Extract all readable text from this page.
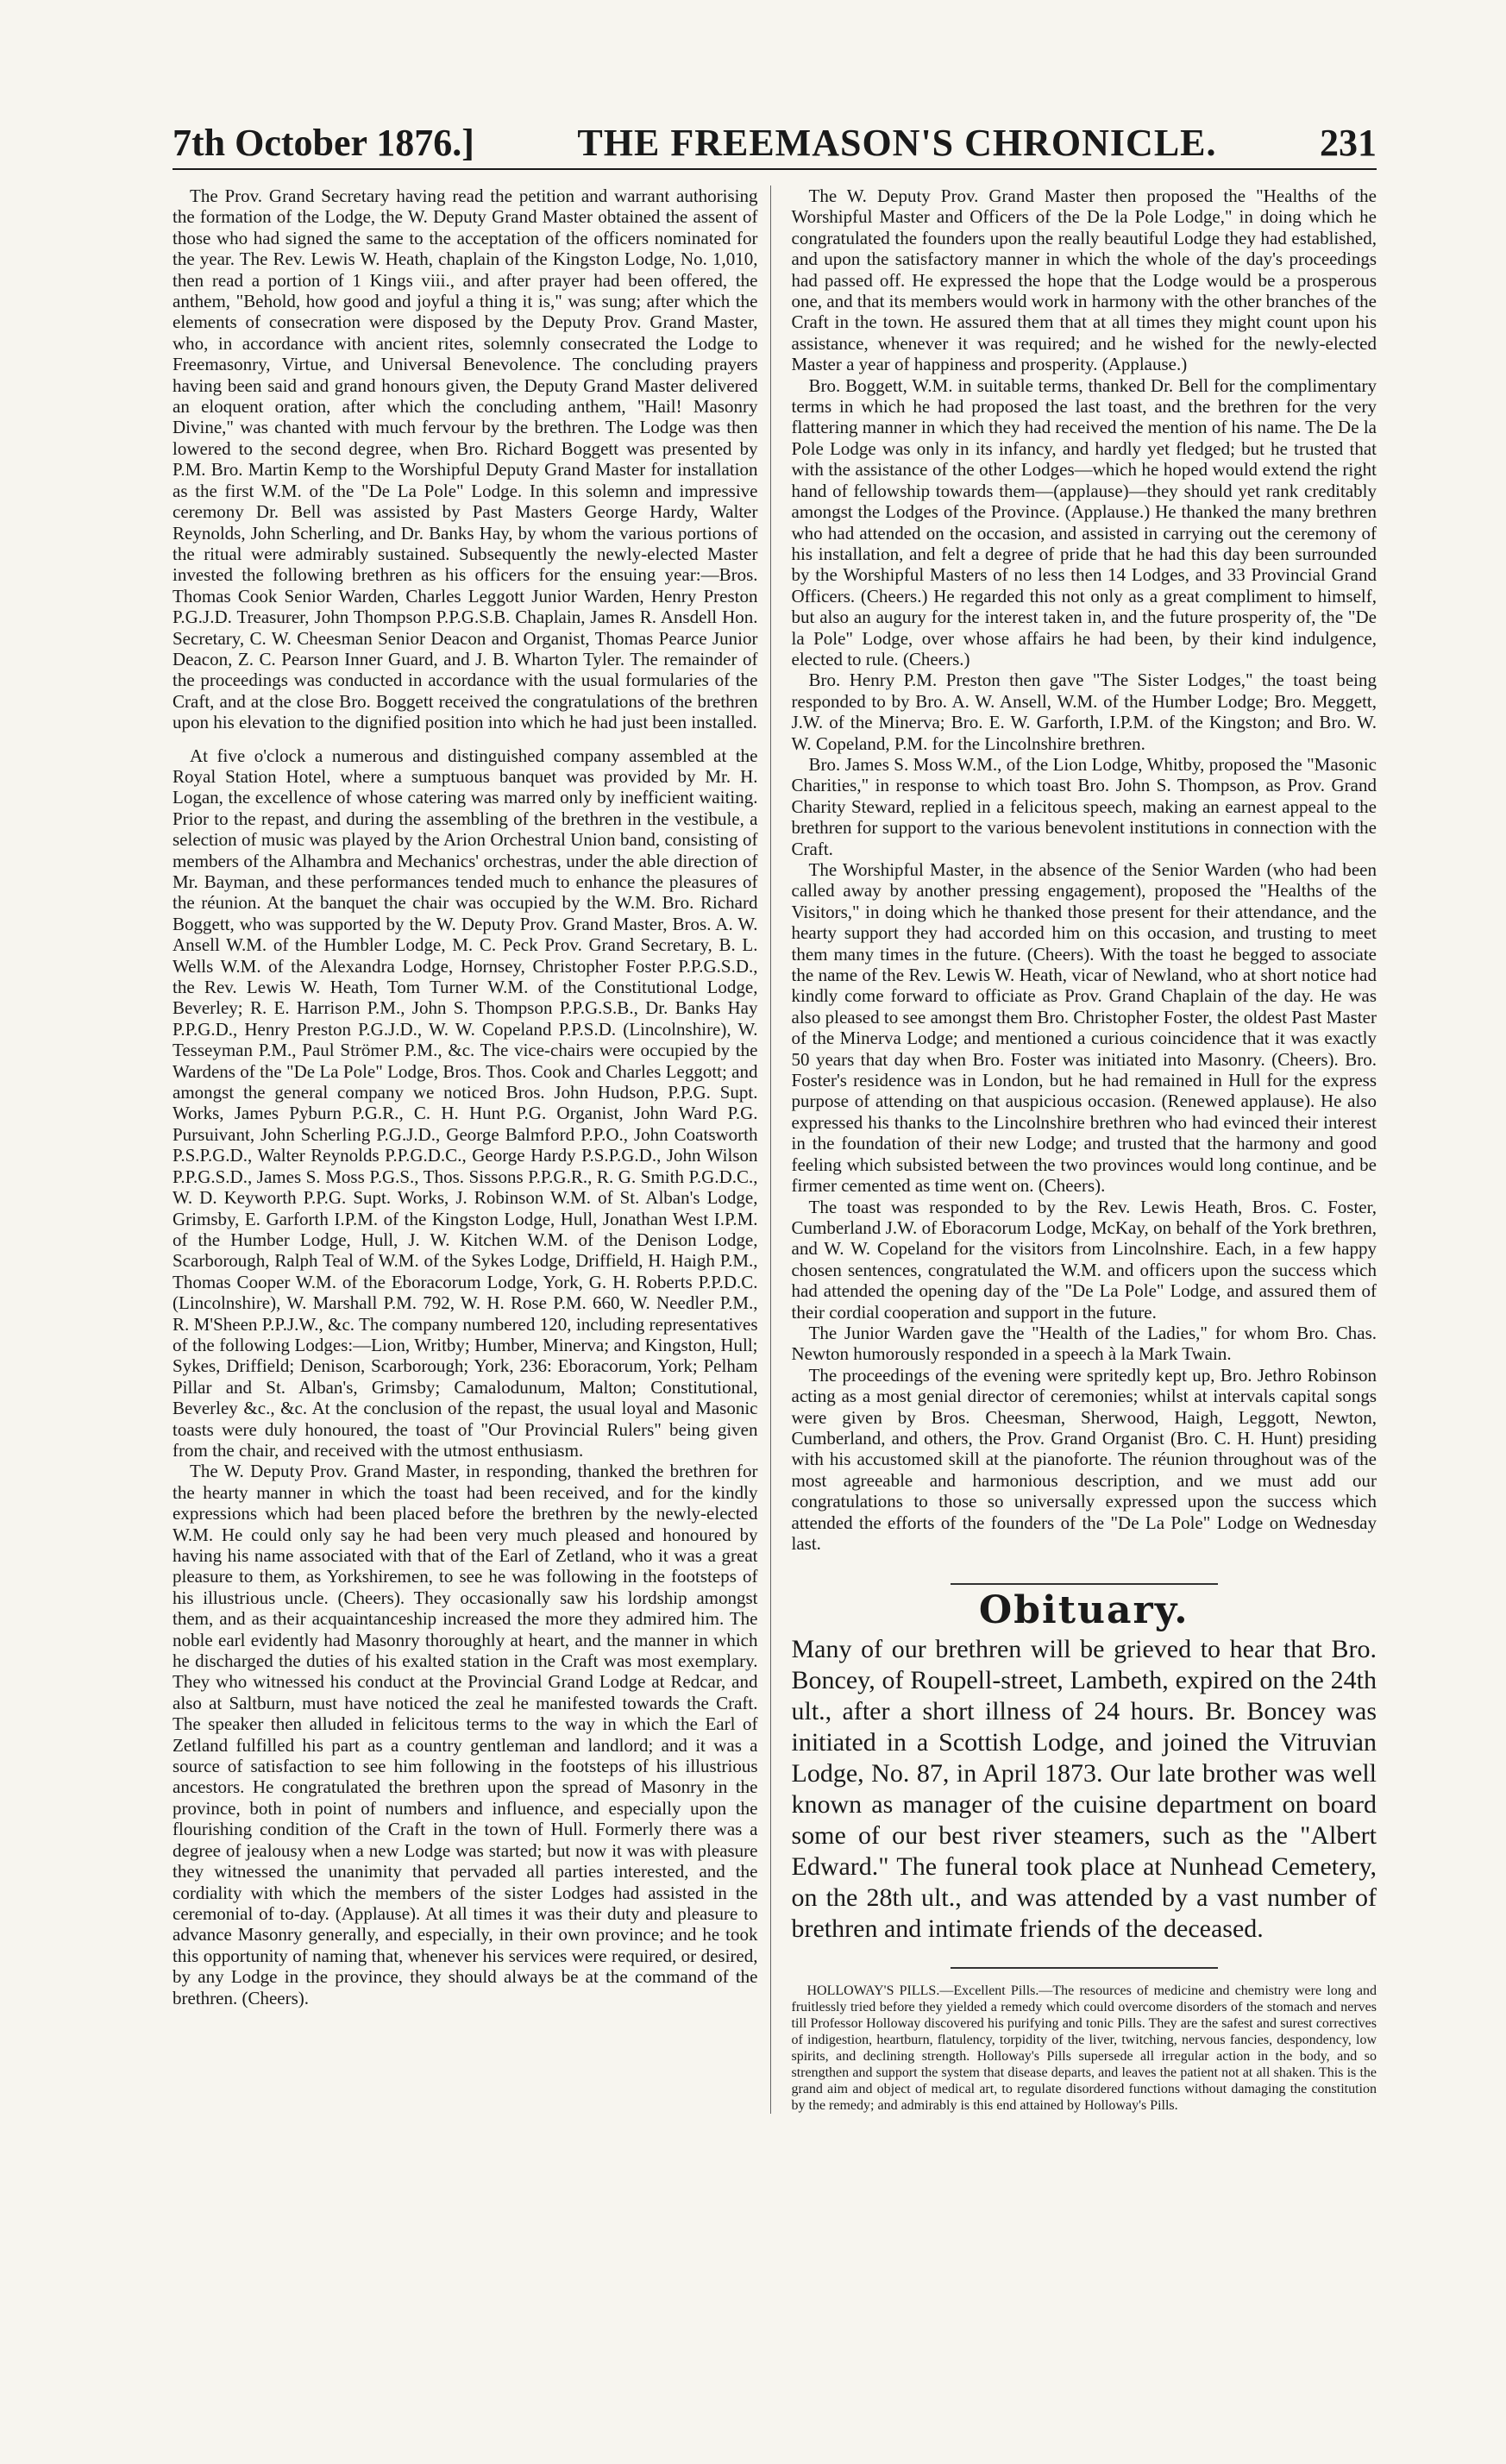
7th October 1876.]	THE FREEMASON'S CHRONICLE.	231

The Prov. Grand Secretary having read the petition and warrant authorising the formation of the Lodge, the W. Deputy Grand Master obtained the assent of those who had signed the same to the acceptation of the officers nominated for the year. The Rev. Lewis W. Heath, chaplain of the Kingston Lodge, No. 1,010, then read a portion of 1 Kings viii., and after prayer had been offered, the anthem, "Behold, how good and joyful a thing it is," was sung; after which the elements of consecration were disposed by the Deputy Prov. Grand Master, who, in accordance with ancient rites, solemnly consecrated the Lodge to Freemasonry, Virtue, and Universal Benevolence. The concluding prayers having been said and grand honours given, the Deputy Grand Master delivered an eloquent oration, after which the concluding anthem, "Hail! Masonry Divine," was chanted with much fervour by the brethren. The Lodge was then lowered to the second degree, when Bro. Richard Boggett was presented by P.M. Bro. Martin Kemp to the Worshipful Deputy Grand Master for installation as the first W.M. of the "De La Pole" Lodge. In this solemn and impressive ceremony Dr. Bell was assisted by Past Masters George Hardy, Walter Reynolds, John Scherling, and Dr. Banks Hay, by whom the various portions of the ritual were admirably sustained. Subsequently the newly-elected Master invested the following brethren as his officers for the ensuing year:—Bros. Thomas Cook Senior Warden, Charles Leggott Junior Warden, Henry Preston P.G.J.D. Treasurer, John Thompson P.P.G.S.B. Chaplain, James R. Ansdell Hon. Secretary, C. W. Cheesman Senior Deacon and Organist, Thomas Pearce Junior Deacon, Z. C. Pearson Inner Guard, and J. B. Wharton Tyler. The remainder of the proceedings was conducted in accordance with the usual formularies of the Craft, and at the close Bro. Boggett received the congratulations of the brethren upon his elevation to the dignified position into which he had just been installed.

At five o'clock a numerous and distinguished company assembled at the Royal Station Hotel, where a sumptuous banquet was provided by Mr. H. Logan, the excellence of whose catering was marred only by inefficient waiting. Prior to the repast, and during the assembling of the brethren in the vestibule, a selection of music was played by the Arion Orchestral Union band, consisting of members of the Alhambra and Mechanics' orchestras, under the able direction of Mr. Bayman, and these performances tended much to enhance the pleasures of the réunion. At the banquet the chair was occupied by the W.M. Bro. Richard Boggett, who was supported by the W. Deputy Prov. Grand Master, Bros. A. W. Ansell W.M. of the Humbler Lodge, M. C. Peck Prov. Grand Secretary, B. L. Wells W.M. of the Alexandra Lodge, Hornsey, Christopher Foster P.P.G.S.D., the Rev. Lewis W. Heath, Tom Turner W.M. of the Constitutional Lodge, Beverley; R. E. Harrison P.M., John S. Thompson P.P.G.S.B., Dr. Banks Hay P.P.G.D., Henry Preston P.G.J.D., W. W. Copeland P.P.S.D. (Lincolnshire), W. Tesseyman P.M., Paul Strömer P.M., &c. The vice-chairs were occupied by the Wardens of the "De La Pole" Lodge, Bros. Thos. Cook and Charles Leggott; and amongst the general company we noticed Bros. John Hudson, P.P.G. Supt. Works, James Pyburn P.G.R., C. H. Hunt P.G. Organist, John Ward P.G. Pursuivant, John Scherling P.G.J.D., George Balmford P.P.O., John Coatsworth P.S.P.G.D., Walter Reynolds P.P.G.D.C., George Hardy P.S.P.G.D., John Wilson P.P.G.S.D., James S. Moss P.G.S., Thos. Sissons P.P.G.R., R. G. Smith P.G.D.C., W. D. Keyworth P.P.G. Supt. Works, J. Robinson W.M. of St. Alban's Lodge, Grimsby, E. Garforth I.P.M. of the Kingston Lodge, Hull, Jonathan West I.P.M. of the Humber Lodge, Hull, J. W. Kitchen W.M. of the Denison Lodge, Scarborough, Ralph Teal of W.M. of the Sykes Lodge, Driffield, H. Haigh P.M., Thomas Cooper W.M. of the Eboracorum Lodge, York, G. H. Roberts P.P.D.C. (Lincolnshire), W. Marshall P.M. 792, W. H. Rose P.M. 660, W. Needler P.M., R. M'Sheen P.P.J.W., &c. The company numbered 120, including representatives of the following Lodges:—Lion, Writby; Humber, Minerva; and Kingston, Hull; Sykes, Driffield; Denison, Scarborough; York, 236: Eboracorum, York; Pelham Pillar and St. Alban's, Grimsby; Camalodunum, Malton; Constitutional, Beverley &c., &c. At the conclusion of the repast, the usual loyal and Masonic toasts were duly honoured, the toast of "Our Provincial Rulers" being given from the chair, and received with the utmost enthusiasm.

The W. Deputy Prov. Grand Master, in responding, thanked the brethren for the hearty manner in which the toast had been received, and for the kindly expressions which had been placed before the brethren by the newly-elected W.M. He could only say he had been very much pleased and honoured by having his name associated with that of the Earl of Zetland, who it was a great pleasure to them, as Yorkshiremen, to see he was following in the footsteps of his illustrious uncle. (Cheers). They occasionally saw his lordship amongst them, and as their acquaintanceship increased the more they admired him. The noble earl evidently had Masonry thoroughly at heart, and the manner in which he discharged the duties of his exalted station in the Craft was most exemplary. They who witnessed his conduct at the Provincial Grand Lodge at Redcar, and also at Saltburn, must have noticed the zeal he manifested towards the Craft. The speaker then alluded in felicitous terms to the way in which the Earl of Zetland fulfilled his part as a country gentleman and landlord; and it was a source of satisfaction to see him following in the footsteps of his illustrious ancestors. He congratulated the brethren upon the spread of Masonry in the province, both in point of numbers and influence, and especially upon the flourishing condition of the Craft in the town of Hull. Formerly there was a degree of jealousy when a new Lodge was started; but now it was with pleasure they witnessed the unanimity that pervaded all parties interested, and the cordiality with which the members of the sister Lodges had assisted in the ceremonial of to-day. (Applause). At all times it was their duty and pleasure to advance Masonry generally, and especially, in their own province; and he took this opportunity of naming that, whenever his services were required, or desired, by any Lodge in the province, they should always be at the command of the brethren. (Cheers).

The W. Deputy Prov. Grand Master then proposed the "Healths of the Worshipful Master and Officers of the De la Pole Lodge," in doing which he congratulated the founders upon the really beautiful Lodge they had established, and upon the satisfactory manner in which the whole of the day's proceedings had passed off. He expressed the hope that the Lodge would be a prosperous one, and that its members would work in harmony with the other branches of the Craft in the town. He assured them that at all times they might count upon his assistance, whenever it was required; and he wished for the newly-elected Master a year of happiness and prosperity. (Applause.)

Bro. Boggett, W.M. in suitable terms, thanked Dr. Bell for the complimentary terms in which he had proposed the last toast, and the brethren for the very flattering manner in which they had received the mention of his name. The De la Pole Lodge was only in its infancy, and hardly yet fledged; but he trusted that with the assistance of the other Lodges—which he hoped would extend the right hand of fellowship towards them—(applause)—they should yet rank creditably amongst the Lodges of the Province. (Applause.) He thanked the many brethren who had attended on the occasion, and assisted in carrying out the ceremony of his installation, and felt a degree of pride that he had this day been surrounded by the Worshipful Masters of no less then 14 Lodges, and 33 Provincial Grand Officers. (Cheers.) He regarded this not only as a great compliment to himself, but also an augury for the interest taken in, and the future prosperity of, the "De la Pole" Lodge, over whose affairs he had been, by their kind indulgence, elected to rule. (Cheers.)

Bro. Henry P.M. Preston then gave "The Sister Lodges," the toast being responded to by Bro. A. W. Ansell, W.M. of the Humber Lodge; Bro. Meggett, J.W. of the Minerva; Bro. E. W. Garforth, I.P.M. of the Kingston; and Bro. W. W. Copeland, P.M. for the Lincolnshire brethren.

Bro. James S. Moss W.M., of the Lion Lodge, Whitby, proposed the "Masonic Charities," in response to which toast Bro. John S. Thompson, as Prov. Grand Charity Steward, replied in a felicitous speech, making an earnest appeal to the brethren for support to the various benevolent institutions in connection with the Craft.

The Worshipful Master, in the absence of the Senior Warden (who had been called away by another pressing engagement), proposed the "Healths of the Visitors," in doing which he thanked those present for their attendance, and the hearty support they had accorded him on this occasion, and trusting to meet them many times in the future. (Cheers). With the toast he begged to associate the name of the Rev. Lewis W. Heath, vicar of Newland, who at short notice had kindly come forward to officiate as Prov. Grand Chaplain of the day. He was also pleased to see amongst them Bro. Christopher Foster, the oldest Past Master of the Minerva Lodge; and mentioned a curious coincidence that it was exactly 50 years that day when Bro. Foster was initiated into Masonry. (Cheers). Bro. Foster's residence was in London, but he had remained in Hull for the express purpose of attending on that auspicious occasion. (Renewed applause). He also expressed his thanks to the Lincolnshire brethren who had evinced their interest in the foundation of their new Lodge; and trusted that the harmony and good feeling which subsisted between the two provinces would long continue, and be firmer cemented as time went on. (Cheers).

The toast was responded to by the Rev. Lewis Heath, Bros. C. Foster, Cumberland J.W. of Eboracorum Lodge, McKay, on behalf of the York brethren, and W. W. Copeland for the visitors from Lincolnshire. Each, in a few happy chosen sentences, congratulated the W.M. and officers upon the success which had attended the opening day of the "De La Pole" Lodge, and assured them of their cordial cooperation and support in the future.

The Junior Warden gave the "Health of the Ladies," for whom Bro. Chas. Newton humorously responded in a speech à la Mark Twain.

The proceedings of the evening were spritedly kept up, Bro. Jethro Robinson acting as a most genial director of ceremonies; whilst at intervals capital songs were given by Bros. Cheesman, Sherwood, Haigh, Leggott, Newton, Cumberland, and others, the Prov. Grand Organist (Bro. C. H. Hunt) presiding with his accustomed skill at the pianoforte. The réunion throughout was of the most agreeable and harmonious description, and we must add our congratulations to those so universally expressed upon the success which attended the efforts of the founders of the "De La Pole" Lodge on Wednesday last.

Obituary.

Many of our brethren will be grieved to hear that Bro. Boncey, of Roupell-street, Lambeth, expired on the 24th ult., after a short illness of 24 hours. Br. Boncey was initiated in a Scottish Lodge, and joined the Vitruvian Lodge, No. 87, in April 1873. Our late brother was well known as manager of the cuisine department on board some of our best river steamers, such as the "Albert Edward." The funeral took place at Nunhead Cemetery, on the 28th ult., and was attended by a vast number of brethren and intimate friends of the deceased.

HOLLOWAY'S PILLS.—Excellent Pills.—The resources of medicine and chemistry were long and fruitlessly tried before they yielded a remedy which could overcome disorders of the stomach and nerves till Professor Holloway discovered his purifying and tonic Pills. They are the safest and surest correctives of indigestion, heartburn, flatulency, torpidity of the liver, twitching, nervous fancies, despondency, low spirits, and declining strength. Holloway's Pills supersede all irregular action in the body, and so strengthen and support the system that disease departs, and leaves the patient not at all shaken. This is the grand aim and object of medical art, to regulate disordered functions without damaging the constitution by the remedy; and admirably is this end attained by Holloway's Pills.
